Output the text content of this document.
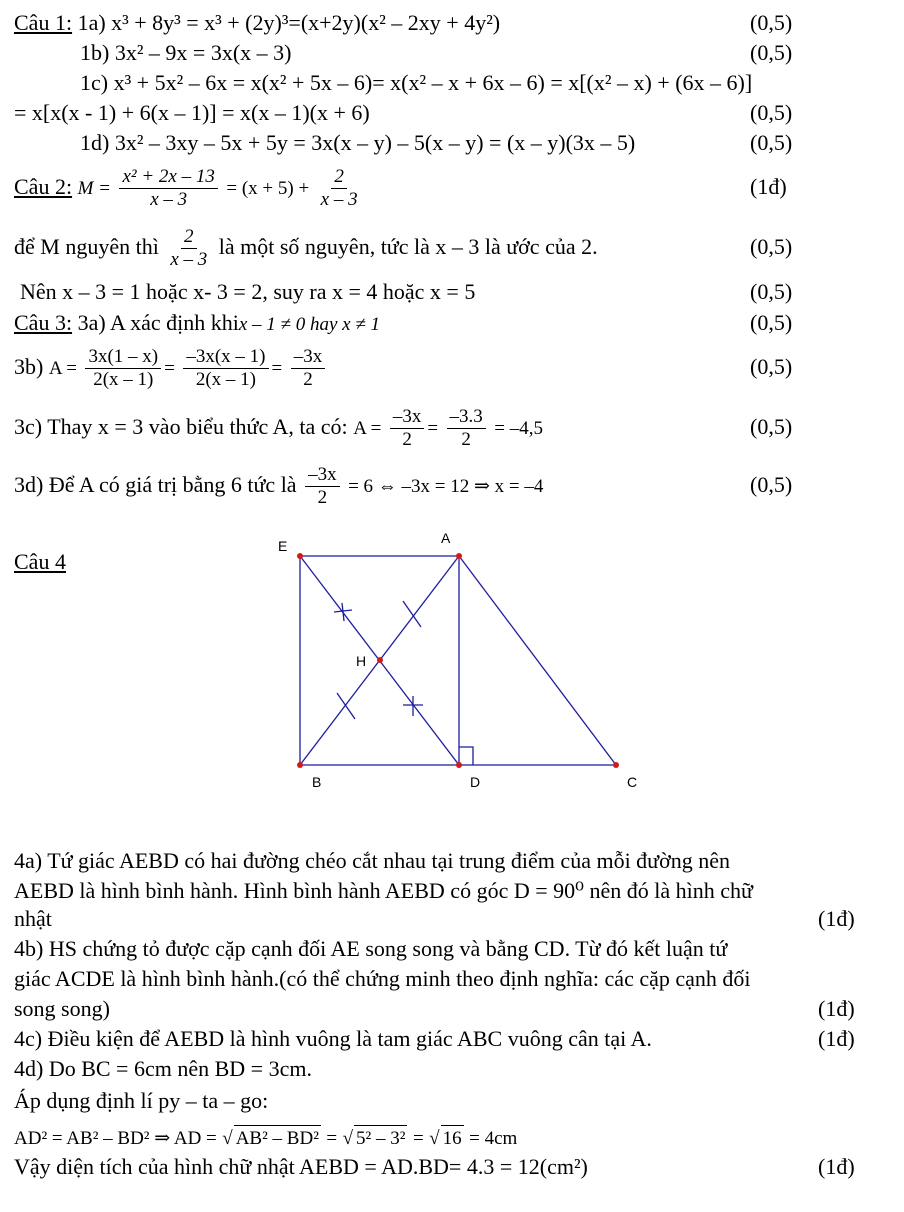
Câu 1: 1a) x³ + 8y³ = x³ + (2y)³=(x+2y)(x² – 2xy + 4y²)	(0,5)
1b) 3x² – 9x = 3x(x – 3)	(0,5)
1c) x³ + 5x² – 6x = x(x² + 5x – 6)= x(x² – x + 6x – 6) = x[(x² – x) + (6x – 6)]
= x[x(x - 1) + 6(x – 1)] = x(x – 1)(x + 6)	(0,5)
1d) 3x² – 3xy – 5x + 5y = 3x(x – y) – 5(x – y) = (x – y)(3x – 5)	(0,5)
Câu 2: $M = \frac{\text{x² + 2x – 13}}{x - 3} = (x + 5) + \frac{2}{x - 3}$	(1đ)
để M nguyên thì $\frac{2}{x - 3}$ là một số nguyên, tức là x – 3 là ước của 2.	(0,5)
Nên x – 3 = 1 hoặc x- 3 = 2, suy ra x = 4 hoặc x = 5	(0,5)
Câu 3: 3a) A xác định khix – 1 ≠ 0 hay x ≠ 1	(0,5)
3b) $A = \frac{3x(1 - x)}{2(x - 1)} = \frac{-3x(x - 1)}{2(x - 1)} = \frac{-3x}{2}$	(0,5)
3c) Thay x = 3 vào biểu thức A, ta có: $A = \frac{-3x}{2} = \frac{-3.3}{2} = -4,5$	(0,5)
3d) Để A có giá trị bằng 6 tức là $\frac{-3x}{2} = 6$ ⇔ –3x = 12 ⇒ x = –4	(0,5)
Câu 4
E	A
H
B	D	C
4a) Tứ giác AEBD có hai đường chéo cắt nhau tại trung điểm của mỗi đường nên
AEBD là hình bình hành. Hình bình hành AEBD có góc D = 90⁰ nên đó là hình chữ
nhật	(1đ)
4b) HS chứng tỏ được cặp cạnh đối AE song song và bằng CD. Từ đó kết luận tứ
giác ACDE là hình bình hành.(có thể chứng minh theo định nghĩa: các cặp cạnh đối
song song)	(1đ)
4c) Điều kiện để AEBD là hình vuông là tam giác ABC vuông cân tại A.	(1đ)
4d) Do BC = 6cm nên BD = 3cm.
Áp dụng định lí py – ta – go:
AD² = AB² – BD² ⇒ AD = √ AB² – BD² = √ 5² – 3² = √ 16 = 4cm
Vậy diện tích của hình chữ nhật AEBD = AD.BD= 4.3 = 12(cm²)	(1đ)
